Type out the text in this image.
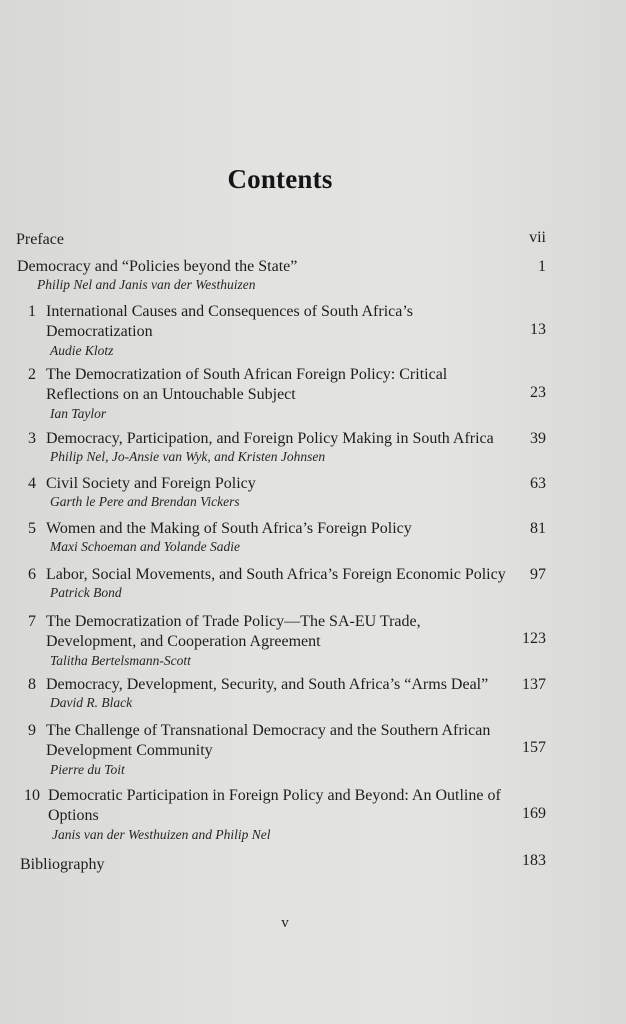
Contents
Preface	vii
Democracy and “Policies beyond the State”
Philip Nel and Janis van der Westhuizen
1
1 International Causes and Consequences of South Africa’s
Democratization
Audie Klotz
13
2 The Democratization of South African Foreign Policy: Critical
Reflections on an Untouchable Subject
Ian Taylor
23
3 Democracy, Participation, and Foreign Policy Making in South Africa
Philip Nel, Jo-Ansie van Wyk, and Kristen Johnsen
39
4 Civil Society and Foreign Policy
Garth le Pere and Brendan Vickers
63
5 Women and the Making of South Africa’s Foreign Policy
Maxi Schoeman and Yolande Sadie
81
6 Labor, Social Movements, and South Africa’s Foreign Economic Policy
Patrick Bond
97
7 The Democratization of Trade Policy—The SA-EU Trade,
Development, and Cooperation Agreement
Talitha Bertelsmann-Scott
123
8 Democracy, Development, Security, and South Africa’s “Arms Deal”
David R. Black
137
9 The Challenge of Transnational Democracy and the Southern African
Development Community
Pierre du Toit
157
10 Democratic Participation in Foreign Policy and Beyond: An Outline of
Options
Janis van der Westhuizen and Philip Nel
169
Bibliography	183
v
